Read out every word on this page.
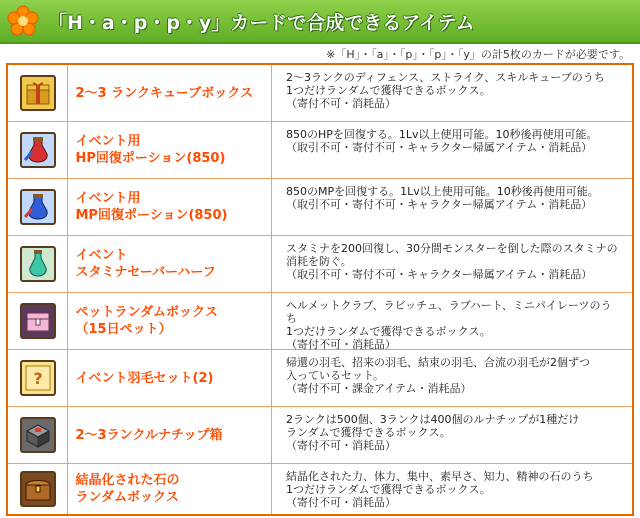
「H・a・p・p・y」カードで合成できるアイテム
※「H」・「a」・「p」・「p」・「y」の計5枚のカードが必要です。
2～3 ランクキューブボックス
2～3ランクのディフェンス、ストライク、スキルキューブのうち
1つだけランダムで獲得できるボックス。
（寄付不可・消耗品）
イベント用
HP回復ポーション(850)
850のHPを回復する。1Lv以上使用可能。10秒後再使用可能。
（取引不可・寄付不可・キャラクター帰属アイテム・消耗品）
イベント用
MP回復ポーション(850)
850のMPを回復する。1Lv以上使用可能。10秒後再使用可能。
（取引不可・寄付不可・キャラクター帰属アイテム・消耗品）
イベント
スタミナセーバーハーフ
スタミナを200回復し、30分間モンスターを倒した際のスタミナの
消耗を防ぐ。
（取引不可・寄付不可・キャラクター帰属アイテム・消耗品）
ペットランダムボックス
（15日ペット）
ヘルメットクラブ、ラビッチュ、ラブハート、ミニパイレーツのうち
1つだけランダムで獲得できるボックス。
（寄付不可・消耗品）
?	イベント羽毛セット(2)
帰還の羽毛、招来の羽毛、結束の羽毛、合流の羽毛が2個ずつ
入っているセット。
（寄付不可・課金アイテム・消耗品）
2～3ランクルナチップ箱
2ランクは500個、3ランクは400個のルナチップが1種だけ
ランダムで獲得できるボックス。
（寄付不可・消耗品）
結晶化された石の
ランダムボックス
結晶化された力、体力、集中、素早さ、知力、精神の石のうち
1つだけランダムで獲得できるボックス。
（寄付不可・消耗品）
